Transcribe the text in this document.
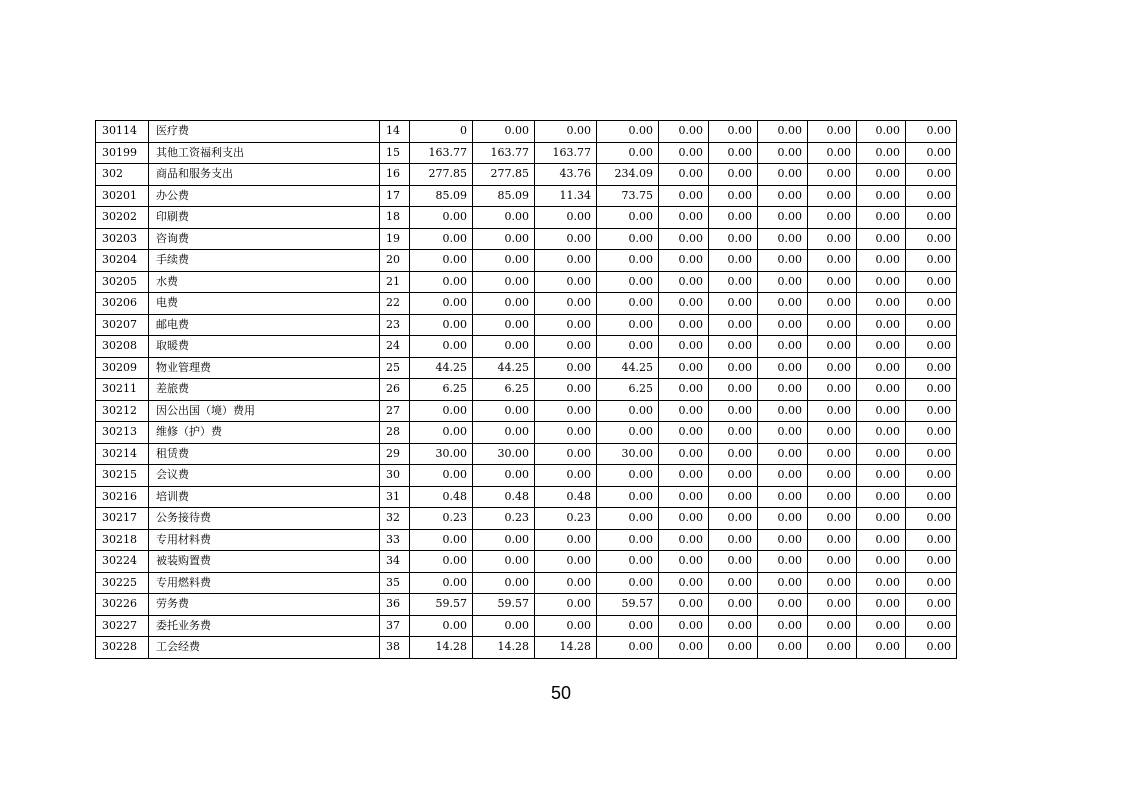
30114	医疗费	14	0	0.00	0.00	0.00	0.00	0.00	0.00	0.00	0.00	0.00
30199	其他工资福利支出	15	163.77	163.77	163.77	0.00	0.00	0.00	0.00	0.00	0.00	0.00
302	商品和服务支出	16	277.85	277.85	43.76	234.09	0.00	0.00	0.00	0.00	0.00	0.00
30201	办公费	17	85.09	85.09	11.34	73.75	0.00	0.00	0.00	0.00	0.00	0.00
30202	印刷费	18	0.00	0.00	0.00	0.00	0.00	0.00	0.00	0.00	0.00	0.00
30203	咨询费	19	0.00	0.00	0.00	0.00	0.00	0.00	0.00	0.00	0.00	0.00
30204	手续费	20	0.00	0.00	0.00	0.00	0.00	0.00	0.00	0.00	0.00	0.00
30205	水费	21	0.00	0.00	0.00	0.00	0.00	0.00	0.00	0.00	0.00	0.00
30206	电费	22	0.00	0.00	0.00	0.00	0.00	0.00	0.00	0.00	0.00	0.00
30207	邮电费	23	0.00	0.00	0.00	0.00	0.00	0.00	0.00	0.00	0.00	0.00
30208	取暖费	24	0.00	0.00	0.00	0.00	0.00	0.00	0.00	0.00	0.00	0.00
30209	物业管理费	25	44.25	44.25	0.00	44.25	0.00	0.00	0.00	0.00	0.00	0.00
30211	差旅费	26	6.25	6.25	0.00	6.25	0.00	0.00	0.00	0.00	0.00	0.00
30212	因公出国（境）费用	27	0.00	0.00	0.00	0.00	0.00	0.00	0.00	0.00	0.00	0.00
30213	维修（护）费	28	0.00	0.00	0.00	0.00	0.00	0.00	0.00	0.00	0.00	0.00
30214	租赁费	29	30.00	30.00	0.00	30.00	0.00	0.00	0.00	0.00	0.00	0.00
30215	会议费	30	0.00	0.00	0.00	0.00	0.00	0.00	0.00	0.00	0.00	0.00
30216	培训费	31	0.48	0.48	0.48	0.00	0.00	0.00	0.00	0.00	0.00	0.00
30217	公务接待费	32	0.23	0.23	0.23	0.00	0.00	0.00	0.00	0.00	0.00	0.00
30218	专用材料费	33	0.00	0.00	0.00	0.00	0.00	0.00	0.00	0.00	0.00	0.00
30224	被装购置费	34	0.00	0.00	0.00	0.00	0.00	0.00	0.00	0.00	0.00	0.00
30225	专用燃料费	35	0.00	0.00	0.00	0.00	0.00	0.00	0.00	0.00	0.00	0.00
30226	劳务费	36	59.57	59.57	0.00	59.57	0.00	0.00	0.00	0.00	0.00	0.00
30227	委托业务费	37	0.00	0.00	0.00	0.00	0.00	0.00	0.00	0.00	0.00	0.00
30228	工会经费	38	14.28	14.28	14.28	0.00	0.00	0.00	0.00	0.00	0.00	0.00
50
